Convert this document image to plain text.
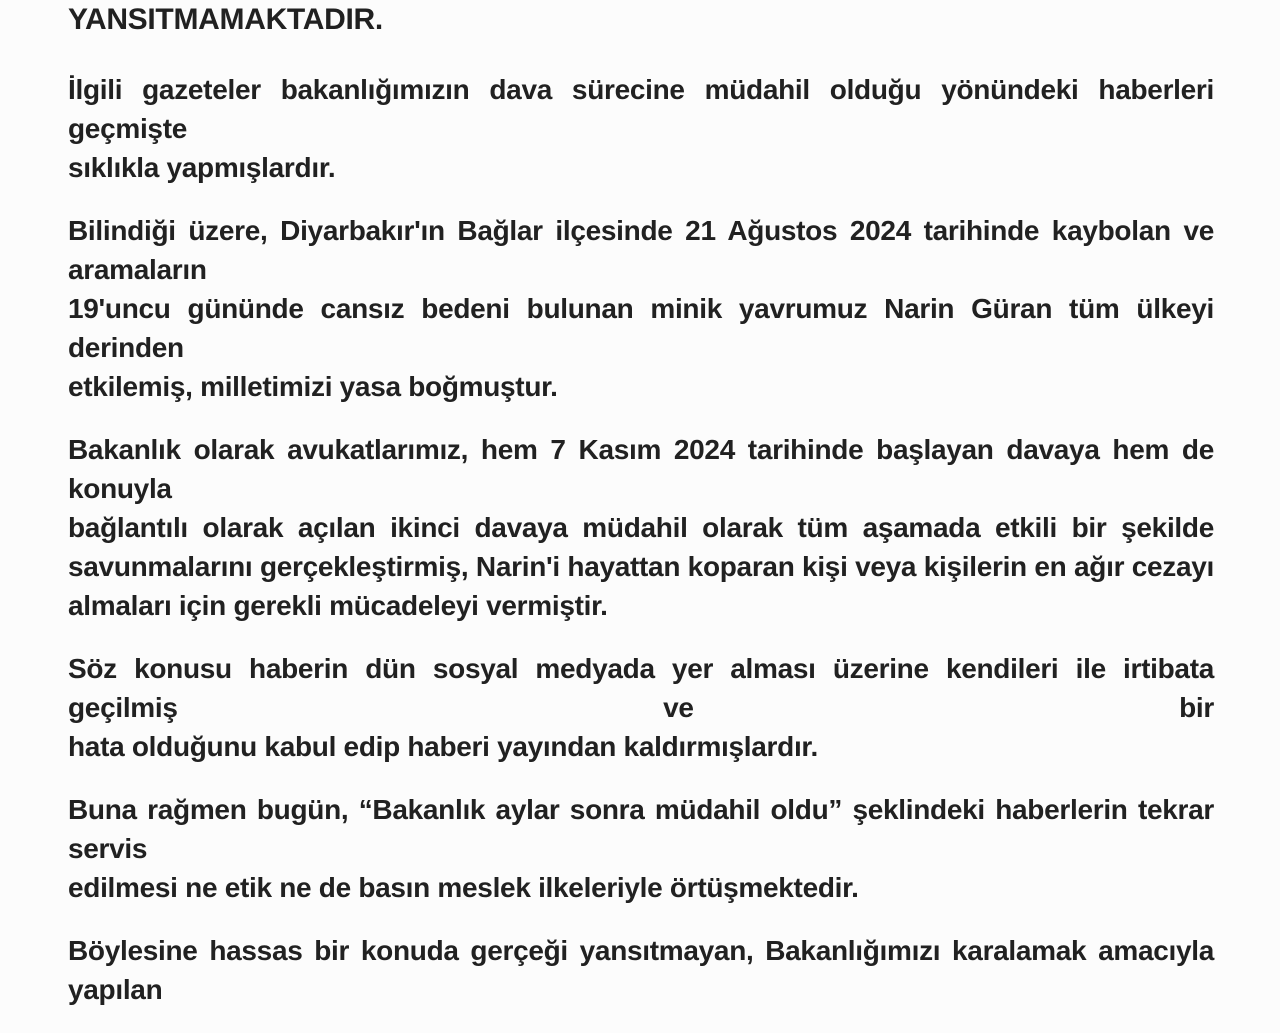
YANSITMAMAKTADIR.
İlgili gazeteler bakanlığımızın dava sürecine müdahil olduğu yönündeki haberleri geçmişte
sıklıkla yapmışlardır.
Bilindiği üzere, Diyarbakır'ın Bağlar ilçesinde 21 Ağustos 2024 tarihinde kaybolan ve aramaların
19'uncu gününde cansız bedeni bulunan minik yavrumuz Narin Güran tüm ülkeyi derinden
etkilemiş, milletimizi yasa boğmuştur.
Bakanlık olarak avukatlarımız, hem 7 Kasım 2024 tarihinde başlayan davaya hem de konuyla
bağlantılı olarak açılan ikinci davaya müdahil olarak tüm aşamada etkili bir şekilde
savunmalarını gerçekleştirmiş, Narin'i hayattan koparan kişi veya kişilerin en ağır cezayı
almaları için gerekli mücadeleyi vermiştir.
Söz konusu haberin dün sosyal medyada yer alması üzerine kendileri ile irtibata geçilmiş ve bir
hata olduğunu kabul edip haberi yayından kaldırmışlardır.
Buna rağmen bugün, “Bakanlık aylar sonra müdahil oldu” şeklindeki haberlerin tekrar servis
edilmesi ne etik ne de basın meslek ilkeleriyle örtüşmektedir.
Böylesine hassas bir konuda gerçeği yansıtmayan, Bakanlığımızı karalamak amacıyla yapılan
